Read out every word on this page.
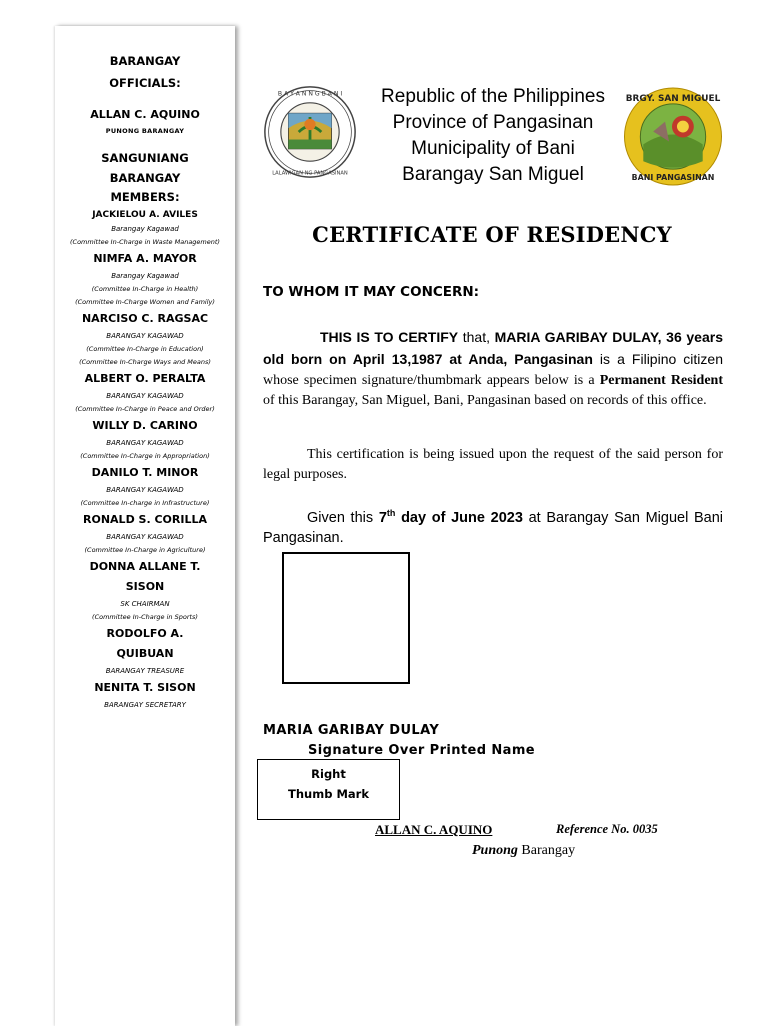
BARANGAY
OFFICIALS:
ALLAN C. AQUINO
PUNONG BARANGAY
SANGUNIANG
BARANGAY
MEMBERS:
JACKIELOU A. AVILES
Barangay Kagawad
(Committee In-Charge in Waste Management)
NIMFA A. MAYOR
Barangay Kagawad
(Committee In-Charge in Health)
(Committee In-Charge Women and Family)
NARCISO C. RAGSAC
BARANGAY KAGAWAD
(Committee In-Charge in Education)
(Committee In-Charge Ways and Means)
ALBERT O. PERALTA
BARANGAY KAGAWAD
(Committee In-Charge in Peace and Order)
WILLY D. CARINO
BARANGAY KAGAWAD
(Committee In-Charge in Appropriation)
DANILO T. MINOR
BARANGAY KAGAWAD
(Committee In-charge in Infrastructure)
RONALD S. CORILLA
BARANGAY KAGAWAD
(Committee In-Charge in Agriculture)
DONNA ALLANE T.
SISON
SK CHAIRMAN
(Committee In-Charge in Sports)
RODOLFO A.
QUIBUAN
BARANGAY TREASURE
NENITA T. SISON
BARANGAY SECRETARY
B A Y A N N G B A N I
LALAWIGAN NG PANGASINAN
Republic of the Philippines
Province of Pangasinan
Municipality of Bani
Barangay San Miguel
BRGY. SAN MIGUEL
BANI PANGASINAN
CERTIFICATE OF RESIDENCY
TO WHOM IT MAY CONCERN:
THIS IS TO CERTIFY that, MARIA GARIBAY DULAY, 36 years old born on April 13,1987 at Anda, Pangasinan is a Filipino citizen whose specimen signature/thumbmark appears below is a Permanent Resident of this Barangay, San Miguel, Bani, Pangasinan based on records of this office.
This certification is being issued upon the request of the said person for legal purposes.
Given this 7th day of June 2023 at Barangay San Miguel Bani Pangasinan.
MARIA GARIBAY DULAY
Signature Over Printed Name
Right
Thumb Mark
ALLAN C. AQUINO	Reference No. 0035
Punong Barangay
